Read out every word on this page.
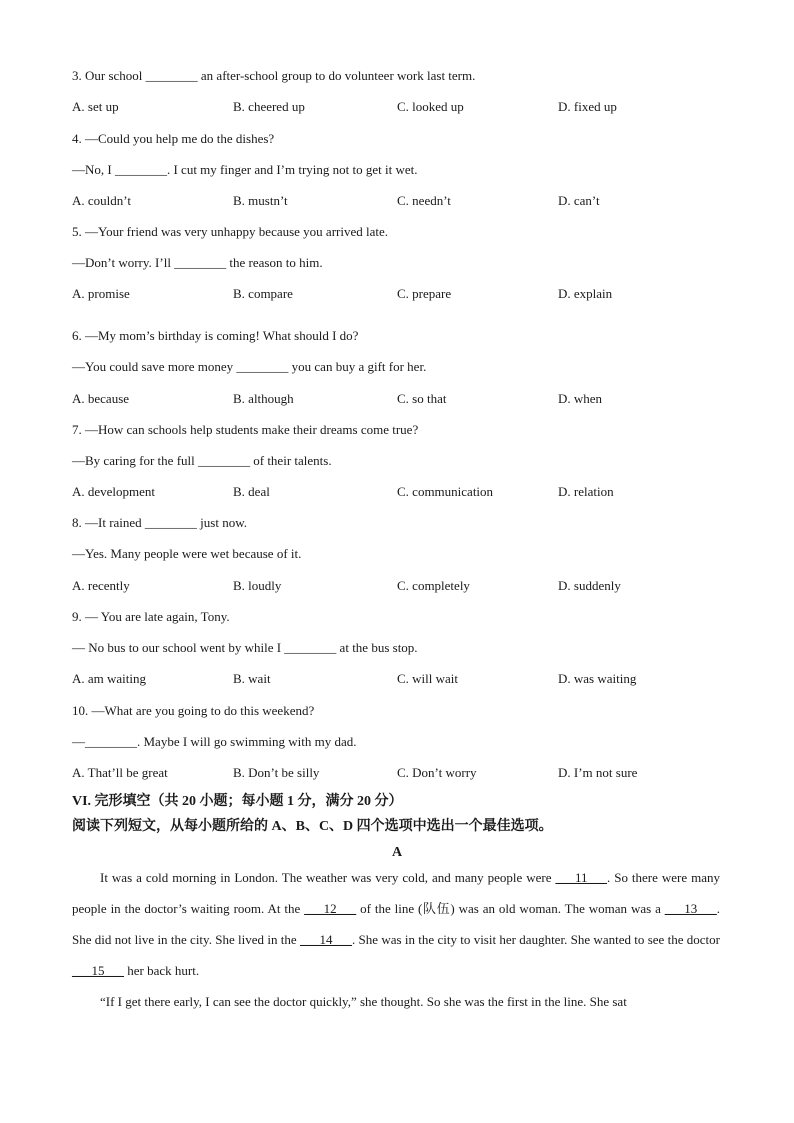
3. Our school ________ an after-school group to do volunteer work last term.
A. set up	B. cheered up	C. looked up	D. fixed up
4. —Could you help me do the dishes?
—No, I ________. I cut my finger and I’m trying not to get it wet.
A. couldn’t	B. mustn’t	C. needn’t	D. can’t
5. —Your friend was very unhappy because you arrived late.
—Don’t worry. I’ll ________ the reason to him.
A. promise	B. compare	C. prepare	D. explain
6. —My mom’s birthday is coming! What should I do?
—You could save more money ________ you can buy a gift for her.
A. because	B. although	C. so that	D. when
7. —How can schools help students make their dreams come true?
—By caring for the full ________ of their talents.
A. development	B. deal	C. communication	D. relation
8. —It rained ________ just now.
—Yes. Many people were wet because of it.
A. recently	B. loudly	C. completely	D. suddenly
9. — You are late again, Tony.
— No bus to our school went by while I ________ at the bus stop.
A. am waiting	B. wait	C. will wait	D. was waiting
10. —What are you going to do this weekend?
—________. Maybe I will go swimming with my dad.
A. That’ll be great	B. Don’t be silly	C. Don’t worry	D. I’m not sure
VI. 完形填空（共 20 小题；每小题 1 分，满分 20 分）
阅读下列短文，从每小题所给的 A、B、C、D 四个选项中选出一个最佳选项。
A

It was a cold morning in London. The weather was very cold, and many people were ___11___. So there were many people in the doctor’s waiting room. At the ___12___ of the line (队伍) was an old woman. The woman was a ___13___. She did not live in the city. She lived in the ___14___. She was in the city to visit her daughter. She wanted to see the doctor ___15___ her back hurt.

“If I get there early, I can see the doctor quickly,” she thought. So she was the first in the line. She sat
